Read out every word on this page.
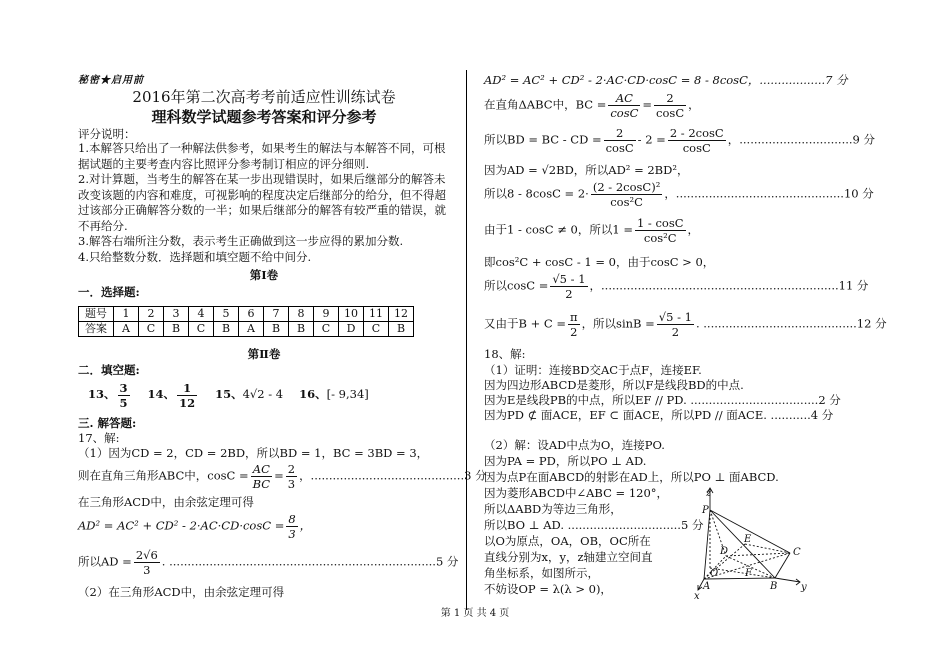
秘密★启用前
2016年第二次高考考前适应性训练试卷
理科数学试题参考答案和评分参考
评分说明：
1.本解答只给出了一种解法供参考，如果考生的解法与本解答不同，可根据试题的主要考查内容比照评分参考制订相应的评分细则.
2.对计算题，当考生的解答在某一步出现错误时，如果后继部分的解答未改变该题的内容和难度，可视影响的程度决定后继部分的给分，但不得超过该部分正确解答分数的一半；如果后继部分的解答有较严重的错误，就不再给分.
3.解答右端所注分数，表示考生正确做到这一步应得的累加分数.
4.只给整数分数．选择题和填空题不给中间分.
第Ⅰ卷
一．选择题:
题号	1	2	3	4	5	6	7	8	9	10	11	12
答案	A	C	B	C	B	A	B	B	C	D	C	B
第Ⅱ卷
二．填空题:
13、 $\frac{3}{5} 14$、 $\frac{1}{12} 15$、4√2 - 4 16、[- 9,34]
三. 解答题:
17、解:
（1）因为CD = 2，CD = 2BD，所以BD = 1，BC = 3BD = 3，
则在直角三角形ABC中，$\cos C = \frac{AC}{BC} = \frac{2}{3}$ ，..........................................3 分
在三角形ACD中，由余弦定理可得
$AD^2 = AC^2 + CD^2 - 2\cdot AC\cdot CD\cdot\cos C = \frac{8}{3}$ ，
所以AD = $\frac{2√6}{3}$ . .........................................................................5 分
（2）在三角形ACD中，由余弦定理可得
AD² = AC² + CD² - 2·AC·CD·cosC = 8 - 8cosC，..................7 分
在直角ΔABC中，BC = $\frac{AC}{\cos C} = \frac{2}{\cos C}$ ，
所以BD = BC - CD = $\frac{2}{\cos C} - 2 = \frac{2 - 2\cos C}{\cos C}$ ，...............................9 分
因为AD = √2BD，所以AD² = 2BD²，
所以$8 - 8\cos C = 2\cdot \frac{\text{(2 - 2cosC)²}}{\text{cos²C}}$ ，..............................................10 分
由于1 - cosC ≠ 0，所以$1 = \frac{1 - \cos C}{\text{cos²C}}$ ，
即cos²C + cosC - 1 = 0，由于cosC > 0，
所以$\cos C = \frac{√5 - 1}{2}$ ，.................................................................11 分
又由于$B + C = \frac{\pi}{2}$ ，所以$\sin B = \frac{√5 - 1}{2}$ . ..........................................12 分
18、解:
（1）证明：连接BD交AC于点F，连接EF.
因为四边形ABCD是菱形，所以F是线段BD的中点.
因为E是线段PB的中点，所以EF // PD. ...................................2 分
因为PD ⊄ 面ACE，EF ⊂ 面ACE，所以PD // 面ACE. ...........4 分
（2）解：设AD中点为O，连接PO.
因为PA = PD，所以PO ⊥ AD.
因为点P在面ABCD的射影在AD上，所以PO ⊥ 面ABCD.
因为菱形ABCD中∠ABC = 120°，
所以ΔABD为等边三角形，
所以BO ⊥ AD. ...............................5 分
以O为原点，OA，OB，OC所在
直线分别为x，y，z轴建立空间直
角坐标系，如图所示，
不妨设OP = λ(λ > 0)，
z
P
E
D	C
O	F
A	B y
x
第 1 页 共 4 页
